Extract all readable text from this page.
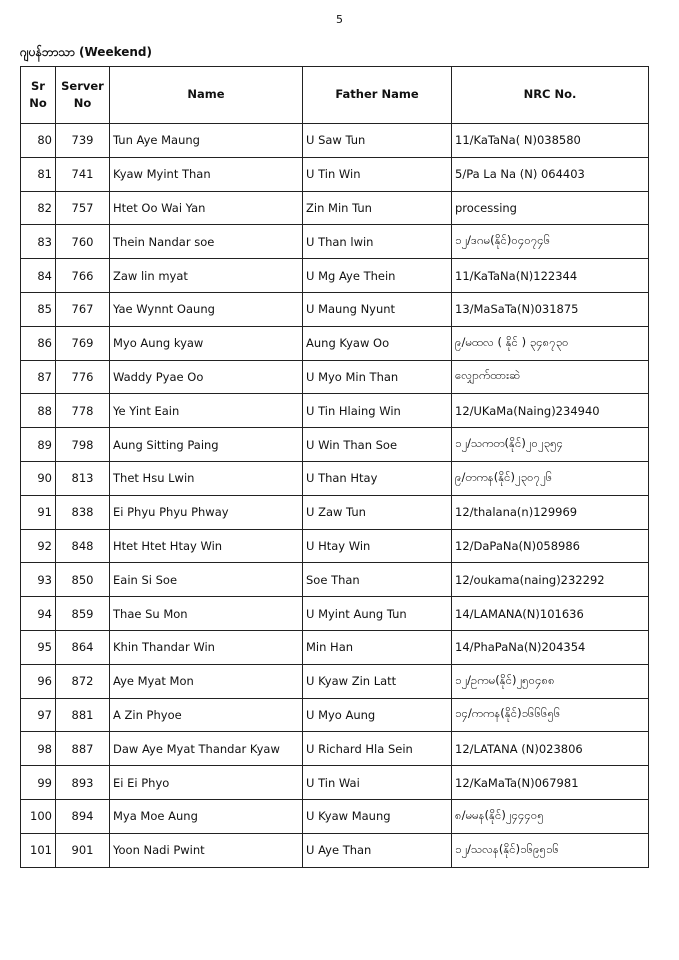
5
ဂျပန်ဘာသာ (Weekend)
Sr No	Server No	Name	Father Name	NRC No.
80	739	Tun Aye Maung	U Saw Tun	11/KaTaNa( N)038580
81	741	Kyaw Myint Than	U Tin Win	5/Pa La Na (N) 064403
82	757	Htet Oo Wai Yan	Zin Min Tun	processing
83	760	Thein Nandar soe	U Than lwin	၁၂/ဒဂမ(နိုင်)၀၄၀၇၄၆
84	766	Zaw lin myat	U Mg Aye Thein	11/KaTaNa(N)122344
85	767	Yae Wynnt Oaung	U Maung Nyunt	13/MaSaTa(N)031875
86	769	Myo Aung kyaw	Aung Kyaw Oo	၉/မထလ ( နိုင် ) ၃၄၈၇၃၀
87	776	Waddy Pyae Oo	U Myo Min Than	လျှောက်ထားဆဲ
88	778	Ye Yint Eain	U Tin Hlaing Win	12/UKaMa(Naing)234940
89	798	Aung Sitting Paing	U Win Than Soe	၁၂/သကတ(နိုင်)၂၀၂၃၅၄
90	813	Thet Hsu Lwin	U Than Htay	၉/တကန(နိုင်)၂၃၀၇၂၆
91	838	Ei Phyu Phyu Phway	U Zaw Tun	12/thalana(n)129969
92	848	Htet Htet Htay Win	U Htay Win	12/DaPaNa(N)058986
93	850	Eain Si Soe	Soe Than	12/oukama(naing)232292
94	859	Thae Su Mon	U Myint Aung Tun	14/LAMANA(N)101636
95	864	Khin Thandar Win	Min Han	14/PhaPaNa(N)204354
96	872	Aye Myat Mon	U Kyaw Zin Latt	၁၂/ဥကမ(နိုင်)၂၅၀၄၈၈
97	881	A Zin Phyoe	U Myo Aung	၁၄/ကကန(နိုင်)၁၆၆၆၅၆
98	887	Daw Aye Myat Thandar Kyaw	U Richard Hla Sein	12/LATANA (N)023806
99	893	Ei Ei Phyo	U Tin Wai	12/KaMaTa(N)067981
100	894	Mya Moe Aung	U Kyaw Maung	၈/မမန(နိုင်)၂၄၄၄၀၅
101	901	Yoon Nadi Pwint	U Aye Than	၁၂/သလန(နိုင်)၁၆၉၅၁၆
